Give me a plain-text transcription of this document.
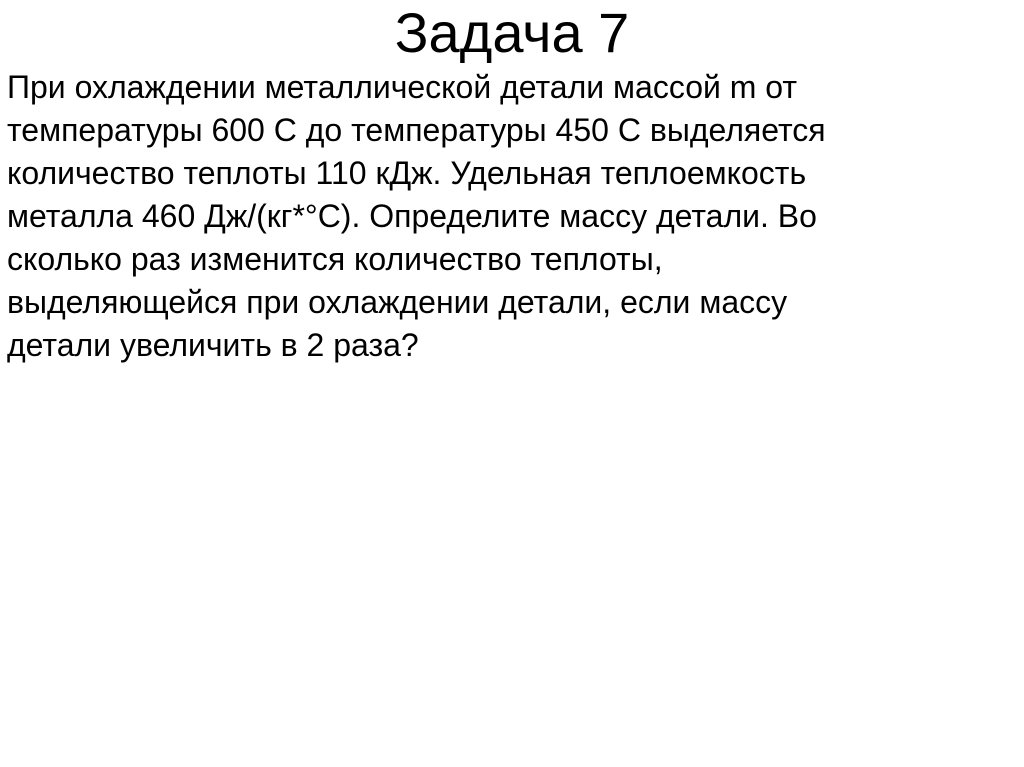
Задача 7
При охлаждении металлической детали массой m от
температуры 600 С до температуры 450 С выделяется
количество теплоты 110 кДж. Удельная теплоемкость
металла 460 Дж/(кг*°С). Определите массу детали. Во
сколько раз изменится количество теплоты,
выделяющейся при охлаждении детали, если массу
детали увеличить в 2 раза?
